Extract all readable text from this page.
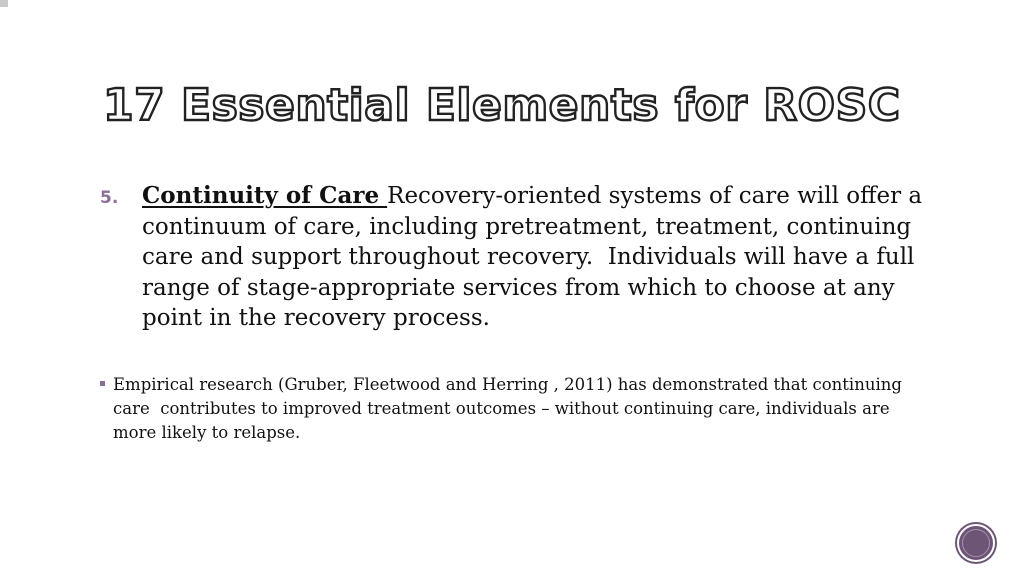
17 Essential Elements for ROSC
5.	Continuity of Care Recovery-oriented systems of care will offer a continuum of care, including pretreatment, treatment, continuing care and support throughout recovery.  Individuals will have a full range of stage-appropriate services from which to choose at any point in the recovery process.
Empirical research (Gruber, Fleetwood and Herring , 2011) has demonstrated that continuing care  contributes to improved treatment outcomes – without continuing care, individuals are more likely to relapse.
